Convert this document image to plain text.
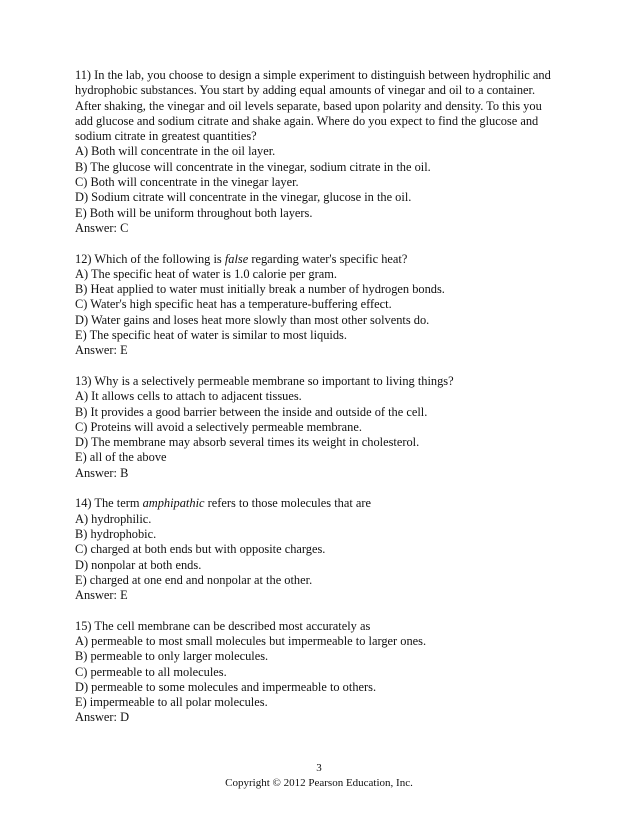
11) In the lab, you choose to design a simple experiment to distinguish between hydrophilic and
hydrophobic substances. You start by adding equal amounts of vinegar and oil to a container.
After shaking, the vinegar and oil levels separate, based upon polarity and density. To this you
add glucose and sodium citrate and shake again. Where do you expect to find the glucose and
sodium citrate in greatest quantities?
A) Both will concentrate in the oil layer.
B) The glucose will concentrate in the vinegar, sodium citrate in the oil.
C) Both will concentrate in the vinegar layer.
D) Sodium citrate will concentrate in the vinegar, glucose in the oil.
E) Both will be uniform throughout both layers.
Answer: C
12) Which of the following is false regarding water's specific heat?
A) The specific heat of water is 1.0 calorie per gram.
B) Heat applied to water must initially break a number of hydrogen bonds.
C) Water's high specific heat has a temperature-buffering effect.
D) Water gains and loses heat more slowly than most other solvents do.
E) The specific heat of water is similar to most liquids.
Answer: E
13) Why is a selectively permeable membrane so important to living things?
A) It allows cells to attach to adjacent tissues.
B) It provides a good barrier between the inside and outside of the cell.
C) Proteins will avoid a selectively permeable membrane.
D) The membrane may absorb several times its weight in cholesterol.
E) all of the above
Answer: B
14) The term amphipathic refers to those molecules that are
A) hydrophilic.
B) hydrophobic.
C) charged at both ends but with opposite charges.
D) nonpolar at both ends.
E) charged at one end and nonpolar at the other.
Answer: E
15) The cell membrane can be described most accurately as
A) permeable to most small molecules but impermeable to larger ones.
B) permeable to only larger molecules.
C) permeable to all molecules.
D) permeable to some molecules and impermeable to others.
E) impermeable to all polar molecules.
Answer: D
3
Copyright © 2012 Pearson Education, Inc.
